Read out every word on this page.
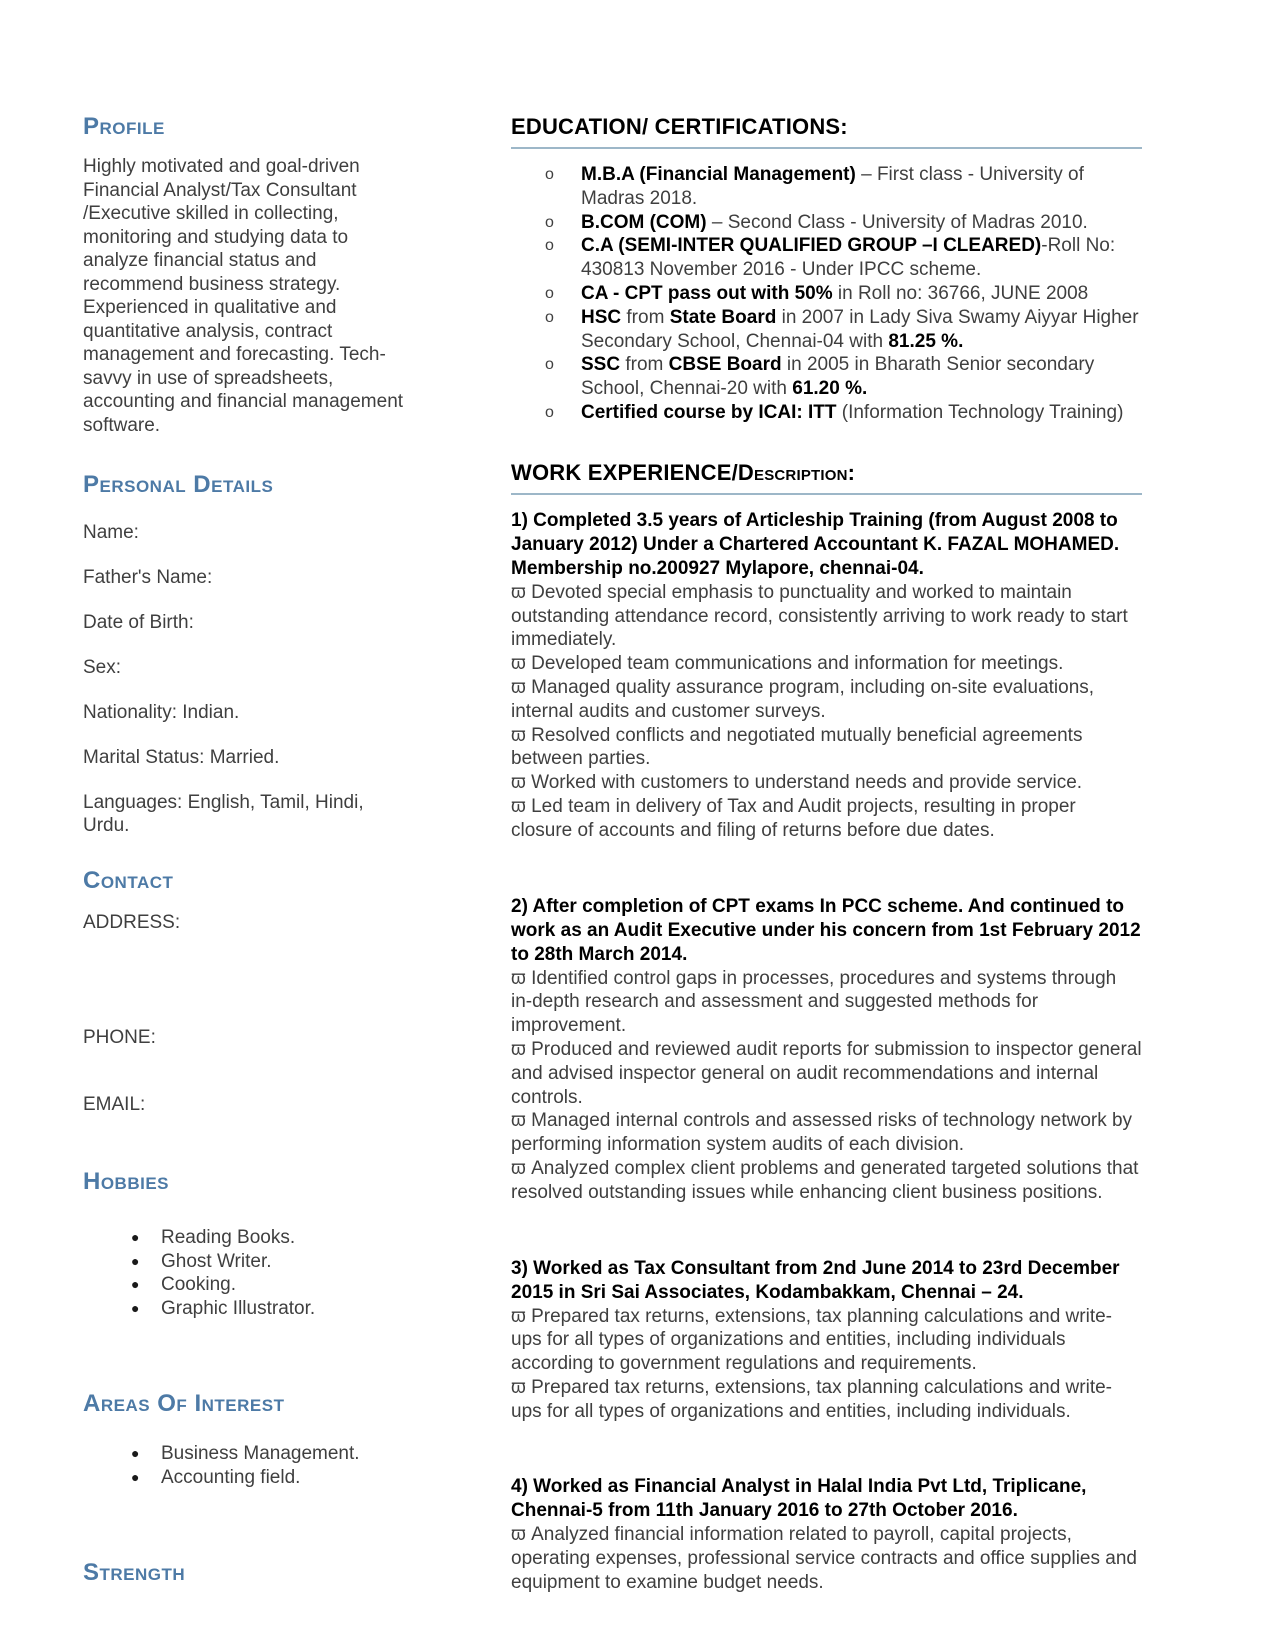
Profile

Highly motivated and goal-driven Financial Analyst/Tax Consultant /Executive skilled in collecting, monitoring and studying data to analyze financial status and recommend business strategy. Experienced in qualitative and quantitative analysis, contract management and forecasting. Tech-savvy in use of spreadsheets, accounting and financial management software.

Personal Details

Name:

Father's Name:

Date of Birth:

Sex:

Nationality: Indian.

Marital Status: Married.

Languages: English, Tamil, Hindi, Urdu.

Contact

ADDRESS:

PHONE:

EMAIL:

Hobbies
●	Reading Books.
●	Ghost Writer.
●	Cooking.
●	Graphic Illustrator.
Areas Of Interest
●	Business Management.
●	Accounting field.
Strength
EDUCATION/ CERTIFICATIONS:
o M.B.A (Financial Management) – First class - University of Madras 2018.
o B.COM (COM) – Second Class - University of Madras 2010.
o C.A (SEMI-INTER QUALIFIED GROUP –I CLEARED)-Roll No: 430813 November 2016 - Under IPCC scheme.
o CA - CPT pass out with 50% in Roll no: 36766, JUNE 2008
o HSC from State Board in 2007 in Lady Siva Swamy Aiyyar Higher Secondary School, Chennai-04 with 81.25 %.
o SSC from CBSE Board in 2005 in Bharath Senior secondary School, Chennai-20 with 61.20 %.
o Certified course by ICAI: ITT (Information Technology Training)
WORK EXPERIENCE/Description:

1) Completed 3.5 years of Articleship Training (from August 2008 to January 2012) Under a Chartered Accountant K. FAZAL MOHAMED. Membership no.200927 Mylapore, chennai-04.

ϖ Devoted special emphasis to punctuality and worked to maintain outstanding attendance record, consistently arriving to work ready to start immediately.

ϖ Developed team communications and information for meetings.

ϖ Managed quality assurance program, including on-site evaluations, internal audits and customer surveys.

ϖ Resolved conflicts and negotiated mutually beneficial agreements between parties.

ϖ Worked with customers to understand needs and provide service.

ϖ Led team in delivery of Tax and Audit projects, resulting in proper closure of accounts and filing of returns before due dates.

2) After completion of CPT exams In PCC scheme. And continued to work as an Audit Executive under his concern from 1st February 2012 to 28th March 2014.

ϖ Identified control gaps in processes, procedures and systems through in-depth research and assessment and suggested methods for improvement.

ϖ Produced and reviewed audit reports for submission to inspector general and advised inspector general on audit recommendations and internal controls.

ϖ Managed internal controls and assessed risks of technology network by performing information system audits of each division.

ϖ Analyzed complex client problems and generated targeted solutions that resolved outstanding issues while enhancing client business positions.

3) Worked as Tax Consultant from 2nd June 2014 to 23rd December 2015 in Sri Sai Associates, Kodambakkam, Chennai – 24.

ϖ Prepared tax returns, extensions, tax planning calculations and write-ups for all types of organizations and entities, including individuals according to government regulations and requirements.

ϖ Prepared tax returns, extensions, tax planning calculations and write-ups for all types of organizations and entities, including individuals.

4) Worked as Financial Analyst in Halal India Pvt Ltd, Triplicane, Chennai-5 from 11th January 2016 to 27th October 2016.

ϖ Analyzed financial information related to payroll, capital projects, operating expenses, professional service contracts and office supplies and equipment to examine budget needs.
